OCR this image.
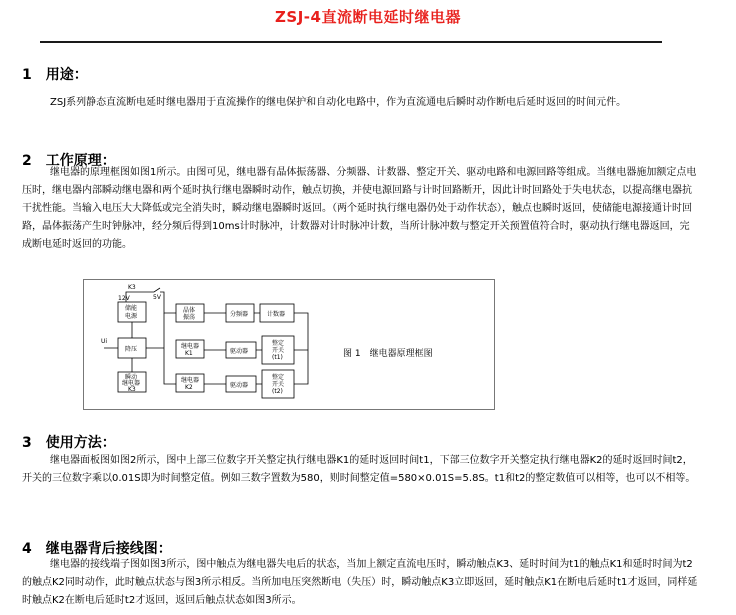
ZSJ-4直流断电延时继电器
1　用途：
ZSJ系列静态直流断电延时继电器用于直流操作的继电保护和自动化电路中，作为直流通电后瞬时动作断电后延时返回的时间元件。
2　工作原理：
继电器的原理框图如图1所示。由图可见，继电器有晶体振荡器、分频器、计数器、整定开关、驱动电路和电源回路等组成。当继电器施加额定点电压时，继电器内部瞬动继电器和两个延时执行继电器瞬时动作，触点切换，并使电源回路与计时回路断开，因此计时回路处于失电状态，以提高继电器抗干扰性能。当输入电压大大降低或完全消失时，瞬动继电器瞬时返回。（两个延时执行继电器仍处于动作状态），触点也瞬时返回，使储能电源接通计时回路，晶体振荡产生时钟脉冲，经分频后得到10ms计时脉冲，计数器对计时脉冲计数，当所计脉冲数与整定开关预置值符合时，驱动执行继电器返回，完成断电延时返回的功能。
K3
12V	5V
储能
电源
Ui
降压
瞬动
继电器
K3
晶体
振荡	分频器	计数器
继电器
K1	驱动器
整定
开关
(t1)
继电器
K2	驱动器
整定
开关
(t2)
图 1　继电器原理框图
3　使用方法：
继电器面板图如图2所示，图中上部三位数字开关整定执行继电器K1的延时返回时间t1，下部三位数字开关整定执行继电器K2的延时返回时间t2，开关的三位数字乘以0.01S即为时间整定值。例如三数字置数为580，则时间整定值=580×0.01S=5.8S。t1和t2的整定数值可以相等，也可以不相等。
4　继电器背后接线图：
继电器的接线端子图如图3所示，图中触点为继电器失电后的状态，当加上额定直流电压时，瞬动触点K3、延时时间为t1的触点K1和延时时间为t2的触点K2同时动作，此时触点状态与图3所示相反。当所加电压突然断电（失压）时，瞬动触点K3立即返回，延时触点K1在断电后延时t1才返回，同样延时触点K2在断电后延时t2才返回，返回后触点状态如图3所示。
